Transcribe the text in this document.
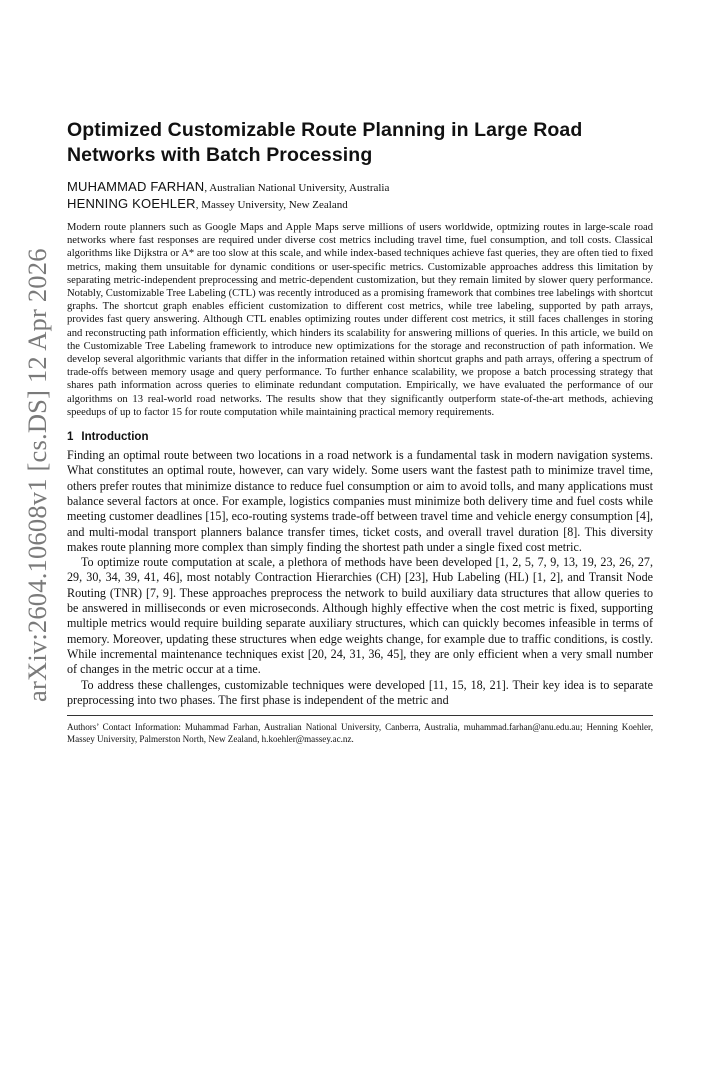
arXiv:2604.10608v1 [cs.DS] 12 Apr 2026
Optimized Customizable Route Planning in Large Road Networks with Batch Processing

MUHAMMAD FARHAN, Australian National University, Australia

HENNING KOEHLER, Massey University, New Zealand

Modern route planners such as Google Maps and Apple Maps serve millions of users worldwide, optmizing routes in large-scale road networks where fast responses are required under diverse cost metrics including travel time, fuel consumption, and toll costs. Classical algorithms like Dijkstra or A* are too slow at this scale, and while index-based techniques achieve fast queries, they are often tied to fixed metrics, making them unsuitable for dynamic conditions or user-specific metrics. Customizable approaches address this limitation by separating metric-independent preprocessing and metric-dependent customization, but they remain limited by slower query performance. Notably, Customizable Tree Labeling (CTL) was recently introduced as a promising framework that combines tree labelings with shortcut graphs. The shortcut graph enables efficient customization to different cost metrics, while tree labeling, supported by path arrays, provides fast query answering. Although CTL enables optimizing routes under different cost metrics, it still faces challenges in storing and reconstructing path information efficiently, which hinders its scalability for answering millions of queries. In this article, we build on the Customizable Tree Labeling framework to introduce new optimizations for the storage and reconstruction of path information. We develop several algorithmic variants that differ in the information retained within shortcut graphs and path arrays, offering a spectrum of trade-offs between memory usage and query performance. To further enhance scalability, we propose a batch processing strategy that shares path information across queries to eliminate redundant computation. Empirically, we have evaluated the performance of our algorithms on 13 real-world road networks. The results show that they significantly outperform state-of-the-art methods, achieving speedups of up to factor 15 for route computation while maintaining practical memory requirements.

1 Introduction

Finding an optimal route between two locations in a road network is a fundamental task in modern navigation systems. What constitutes an optimal route, however, can vary widely. Some users want the fastest path to minimize travel time, others prefer routes that minimize distance to reduce fuel consumption or aim to avoid tolls, and many applications must balance several factors at once. For example, logistics companies must minimize both delivery time and fuel costs while meeting customer deadlines [15], eco-routing systems trade-off between travel time and vehicle energy consumption [4], and multi-modal transport planners balance transfer times, ticket costs, and overall travel duration [8]. This diversity makes route planning more complex than simply finding the shortest path under a single fixed cost metric.

To optimize route computation at scale, a plethora of methods have been developed [1, 2, 5, 7, 9, 13, 19, 23, 26, 27, 29, 30, 34, 39, 41, 46], most notably Contraction Hierarchies (CH) [23], Hub Labeling (HL) [1, 2], and Transit Node Routing (TNR) [7, 9]. These approaches preprocess the network to build auxiliary data structures that allow queries to be answered in milliseconds or even microseconds. Although highly effective when the cost metric is fixed, supporting multiple metrics would require building separate auxiliary structures, which can quickly becomes infeasible in terms of memory. Moreover, updating these structures when edge weights change, for example due to traffic conditions, is costly. While incremental maintenance techniques exist [20, 24, 31, 36, 45], they are only efficient when a very small number of changes in the metric occur at a time.

To address these challenges, customizable techniques were developed [11, 15, 18, 21]. Their key idea is to separate preprocessing into two phases. The first phase is independent of the metric and

Authors’ Contact Information: Muhammad Farhan, Australian National University, Canberra, Australia, muhammad.farhan@anu.edu.au; Henning Koehler, Massey University, Palmerston North, New Zealand, h.koehler@massey.ac.nz.
